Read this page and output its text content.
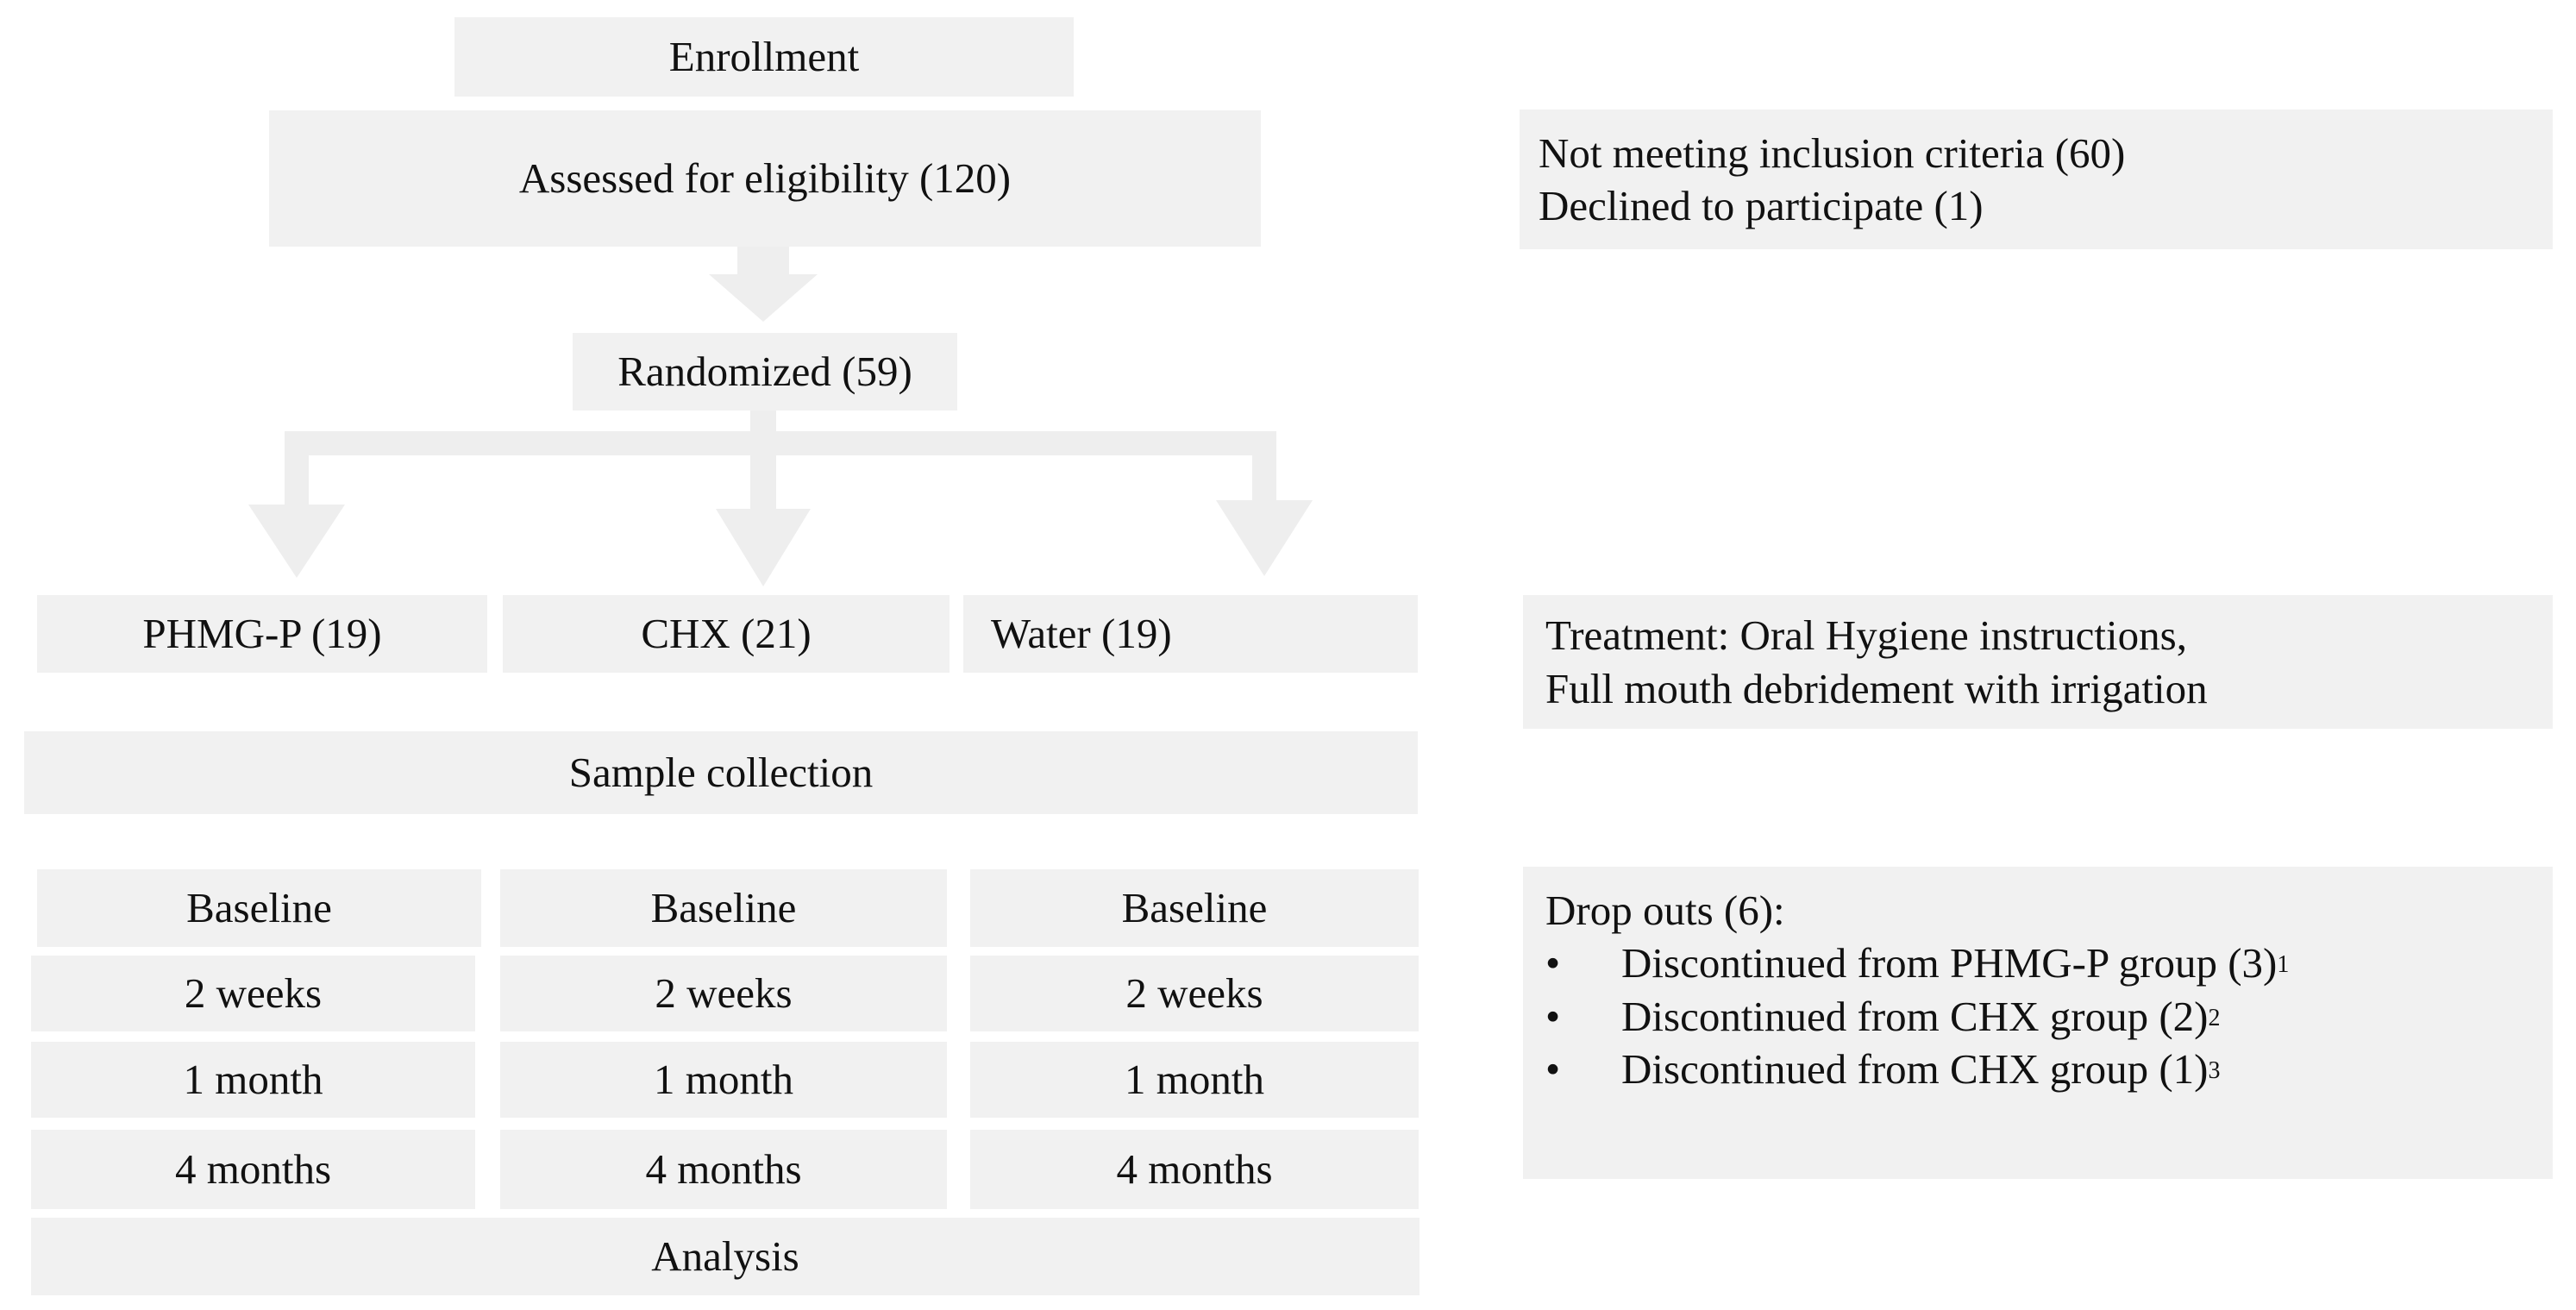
Enrollment
Assessed for eligibility (120)
Not meeting inclusion criteria (60)
Declined to participate (1)
Randomized (59)
PHMG-P (19)	CHX (21)	Water (19)	Treatment: Oral Hygiene instructions,
Full mouth debridement with irrigation
Sample collection
Baseline
2 weeks
1 month
4 months
Baseline
2 weeks
1 month
4 months
Baseline
2 weeks
1 month
4 months
Analysis
Drop outs (6):
•	Discontinued from PHMG-P group $(3)^1$
•	Discontinued from CHX group $(2)^2$
•	Discontinued from CHX group $(1)^3$
